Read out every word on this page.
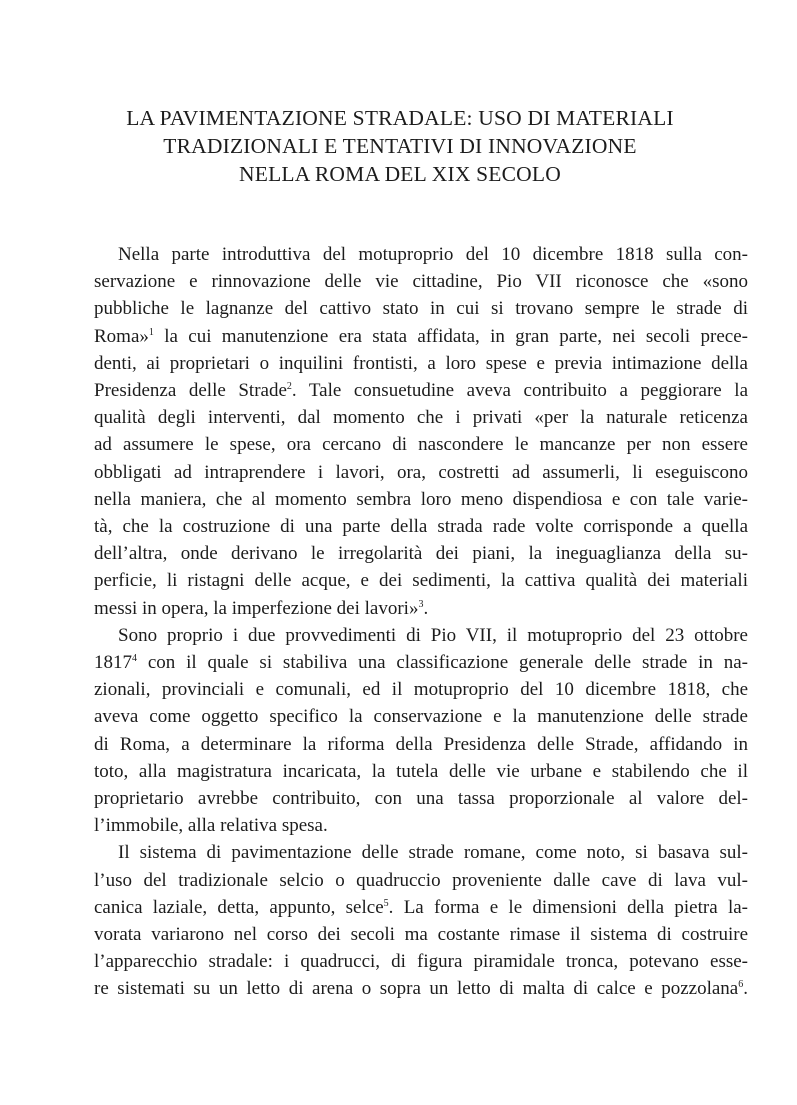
LA PAVIMENTAZIONE STRADALE: USO DI MATERIALI
TRADIZIONALI E TENTATIVI DI INNOVAZIONE
NELLA ROMA DEL XIX SECOLO

Nella parte introduttiva del motuproprio del 10 dicembre 1818 sulla con-
servazione e rinnovazione delle vie cittadine, Pio VII riconosce che «sono
pubbliche le lagnanze del cattivo stato in cui si trovano sempre le strade di
Roma»$^1$ la cui manutenzione era stata affidata, in gran parte, nei secoli prece-
denti, ai proprietari o inquilini frontisti, a loro spese e previa intimazione della
Presidenza delle Strade$^2$. Tale consuetudine aveva contribuito a peggiorare la
qualità degli interventi, dal momento che i privati «per la naturale reticenza
ad assumere le spese, ora cercano di nascondere le mancanze per non essere
obbligati ad intraprendere i lavori, ora, costretti ad assumerli, li eseguiscono
nella maniera, che al momento sembra loro meno dispendiosa e con tale varie-
tà, che la costruzione di una parte della strada rade volte corrisponde a quella
dell’altra, onde derivano le irregolarità dei piani, la ineguaglianza della su-
perficie, li ristagni delle acque, e dei sedimenti, la cattiva qualità dei materiali
messi in opera, la imperfezione dei lavori»$^3$.

Sono proprio i due provvedimenti di Pio VII, il motuproprio del 23 ottobre
1817$^4$ con il quale si stabiliva una classificazione generale delle strade in na-
zionali, provinciali e comunali, ed il motuproprio del 10 dicembre 1818, che
aveva come oggetto specifico la conservazione e la manutenzione delle strade
di Roma, a determinare la riforma della Presidenza delle Strade, affidando in
toto, alla magistratura incaricata, la tutela delle vie urbane e stabilendo che il
proprietario avrebbe contribuito, con una tassa proporzionale al valore del-
l’immobile, alla relativa spesa.

Il sistema di pavimentazione delle strade romane, come noto, si basava sul-
l’uso del tradizionale selcio o quadruccio proveniente dalle cave di lava vul-
canica laziale, detta, appunto, selce$^5$. La forma e le dimensioni della pietra la-
vorata variarono nel corso dei secoli ma costante rimase il sistema di costruire
l’apparecchio stradale: i quadrucci, di figura piramidale tronca, potevano esse-
re sistemati su un letto di arena o sopra un letto di malta di calce e pozzolana$^6$.
